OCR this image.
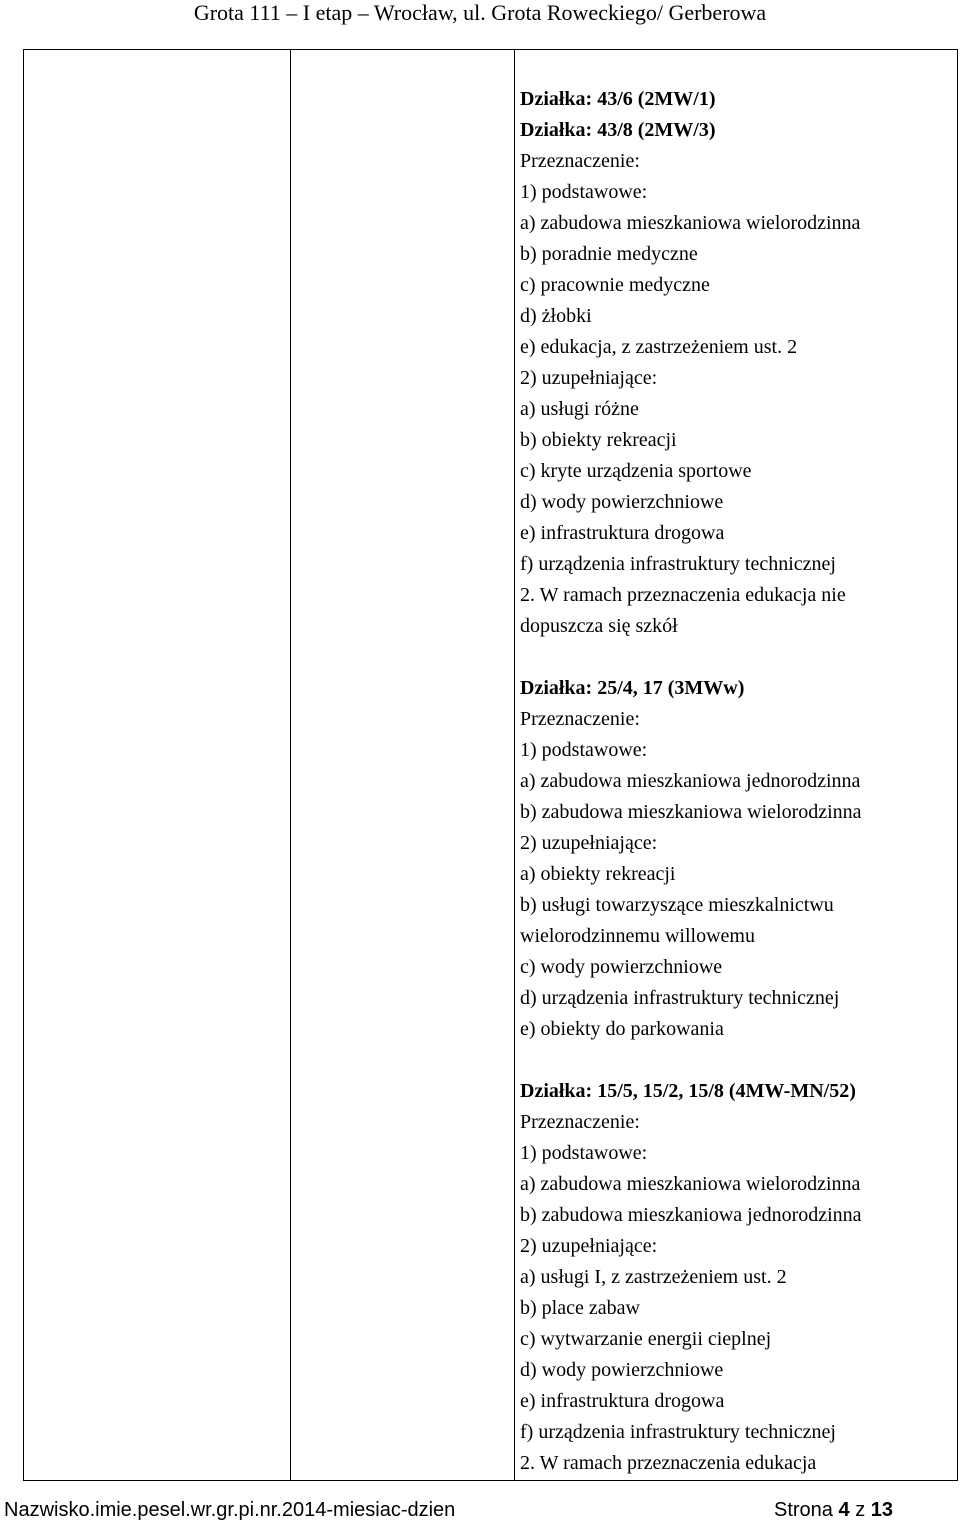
Grota 111 – I etap – Wrocław, ul. Grota Roweckiego/ Gerberowa
Działka: 43/6 (2MW/1)
Działka: 43/8 (2MW/3)
Przeznaczenie:
1) podstawowe:
a) zabudowa mieszkaniowa wielorodzinna
b) poradnie medyczne
c) pracownie medyczne
d) żłobki
e) edukacja, z zastrzeżeniem ust. 2
2) uzupełniające:
a) usługi różne
b) obiekty rekreacji
c) kryte urządzenia sportowe
d) wody powierzchniowe
e) infrastruktura drogowa
f) urządzenia infrastruktury technicznej
2. W ramach przeznaczenia edukacja nie
dopuszcza się szkół
Działka: 25/4, 17 (3MWw)
Przeznaczenie:
1) podstawowe:
a) zabudowa mieszkaniowa jednorodzinna
b) zabudowa mieszkaniowa wielorodzinna
2) uzupełniające:
a) obiekty rekreacji
b) usługi towarzyszące mieszkalnictwu
wielorodzinnemu willowemu
c) wody powierzchniowe
d) urządzenia infrastruktury technicznej
e) obiekty do parkowania
Działka: 15/5, 15/2, 15/8 (4MW-MN/52)
Przeznaczenie:
1) podstawowe:
a) zabudowa mieszkaniowa wielorodzinna
b) zabudowa mieszkaniowa jednorodzinna
2) uzupełniające:
a) usługi I, z zastrzeżeniem ust. 2
b) place zabaw
c) wytwarzanie energii cieplnej
d) wody powierzchniowe
e) infrastruktura drogowa
f) urządzenia infrastruktury technicznej
2. W ramach przeznaczenia edukacja
Nazwisko.imie.pesel.wr.gr.pi.nr.2014-miesiac-dzien	Strona 4 z 13
